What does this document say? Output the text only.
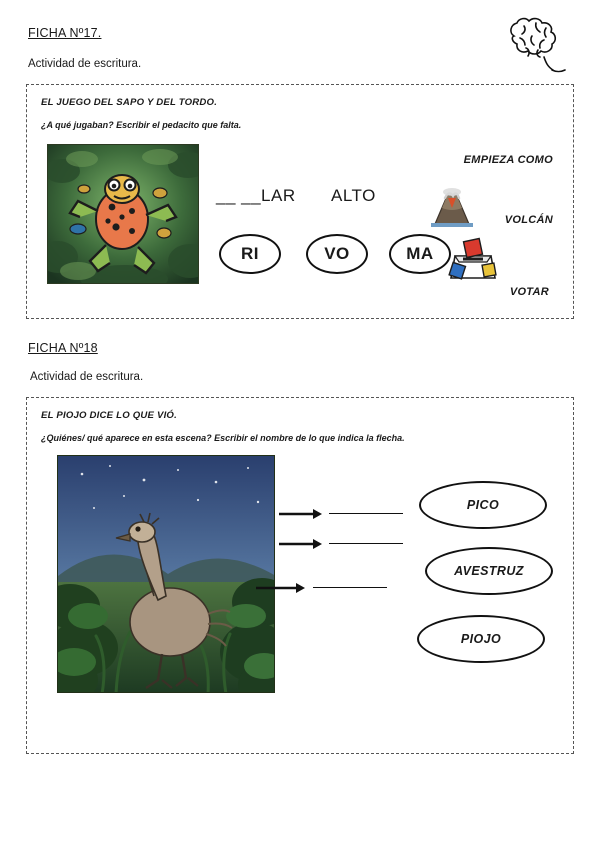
FICHA Nº17.
Actividad de escritura.
EL JUEGO DEL SAPO Y DEL TORDO.
¿A qué jugaban? Escribir el pedacito que falta.
__ __LAR ALTO
RI	VO	MA
EMPIEZA COMO
VOLCÁN
VOTAR
FICHA Nº18
Actividad de escritura.
EL PIOJO DICE LO QUE VIÓ.
¿Quiénes/ qué aparece en esta escena? Escribir el nombre de lo que indica la flecha.
PICO
AVESTRUZ
PIOJO
